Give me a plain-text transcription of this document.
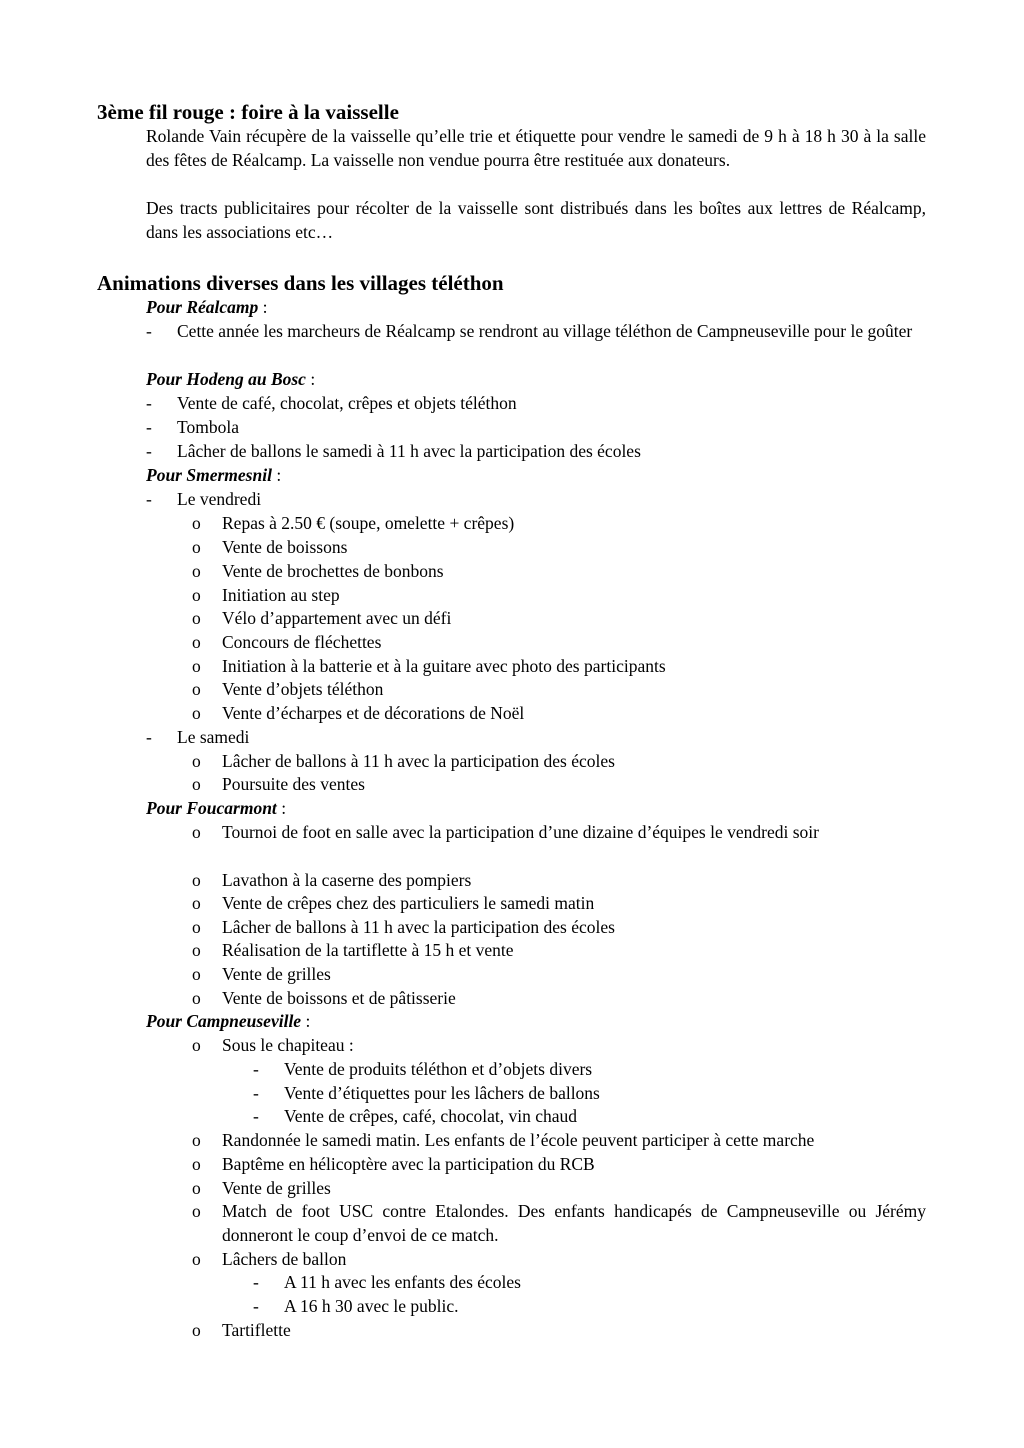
3ème fil rouge : foire à la vaisselle
Rolande Vain récupère de la vaisselle qu’elle trie et étiquette pour vendre le samedi de 9 h à 18 h 30 à la salle des fêtes de Réalcamp. La vaisselle non vendue pourra être restituée aux donateurs.
Des tracts publicitaires pour récolter de la vaisselle sont distribués dans les boîtes aux lettres de Réalcamp, dans les associations etc…
Animations diverses dans les villages téléthon
Pour Réalcamp :
- Cette année les marcheurs de Réalcamp se rendront au village téléthon de Campneuseville pour le goûter
Pour Hodeng au Bosc :
- Vente de café, chocolat, crêpes et objets téléthon
- Tombola
- Lâcher de ballons le samedi à 11 h avec la participation des écoles
Pour Smermesnil :
- Le vendredi
o Repas à 2.50 € (soupe, omelette + crêpes)
o Vente de boissons
o Vente de brochettes de bonbons
o Initiation au step
o Vélo d’appartement avec un défi
o Concours de fléchettes
o Initiation à la batterie et à la guitare avec photo des participants
o Vente d’objets téléthon
o Vente d’écharpes et de décorations de Noël
- Le samedi
o Lâcher de ballons à 11 h avec la participation des écoles
o Poursuite des ventes
Pour Foucarmont :
o Tournoi de foot en salle avec la participation d’une dizaine d’équipes le vendredi soir
o Lavathon à la caserne des pompiers
o Vente de crêpes chez des particuliers le samedi matin
o Lâcher de ballons à 11 h avec la participation des écoles
o Réalisation de la tartiflette à 15 h et vente
o Vente de grilles
o Vente de boissons et de pâtisserie
Pour Campneuseville :
o Sous le chapiteau :
- Vente de produits téléthon et d’objets divers
- Vente d’étiquettes pour les lâchers de ballons
- Vente de crêpes, café, chocolat, vin chaud
o Randonnée le samedi matin. Les enfants de l’école peuvent participer à cette marche
o Baptême en hélicoptère avec la participation du RCB
o Vente de grilles
o Match de foot USC contre Etalondes. Des enfants handicapés de Campneuseville ou Jérémy donneront le coup d’envoi de ce match.
o Lâchers de ballon
- A 11 h avec les enfants des écoles
- A 16 h 30 avec le public.
o Tartiflette
